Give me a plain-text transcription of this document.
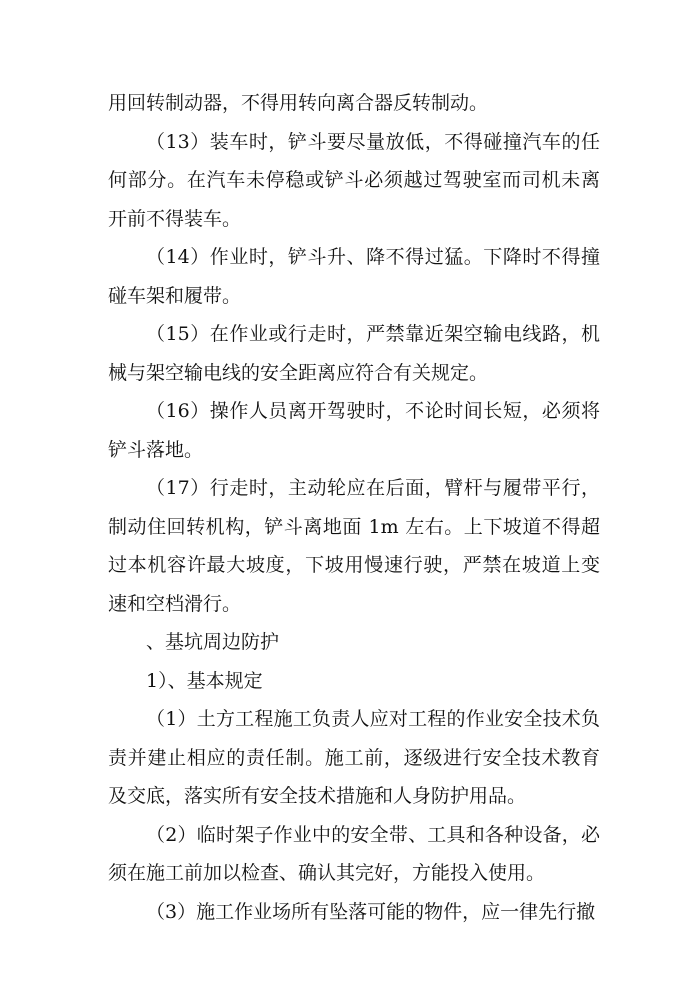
用回转制动器，不得用转向离合器反转制动。

（13）装车时，铲斗要尽量放低，不得碰撞汽车的任何部分。在汽车未停稳或铲斗必须越过驾驶室而司机未离开前不得装车。

（14）作业时，铲斗升、降不得过猛。下降时不得撞碰车架和履带。

（15）在作业或行走时，严禁靠近架空输电线路，机械与架空输电线的安全距离应符合有关规定。

（16）操作人员离开驾驶时，不论时间长短，必须将铲斗落地。

（17）行走时，主动轮应在后面，臂杆与履带平行，制动住回转机构，铲斗离地面 1m 左右。上下坡道不得超过本机容许最大坡度，下坡用慢速行驶，严禁在坡道上变速和空档滑行。

、基坑周边防护

1）、基本规定

（1）土方工程施工负责人应对工程的作业安全技术负责并建止相应的责任制。施工前，逐级进行安全技术教育及交底，落实所有安全技术措施和人身防护用品。

（2）临时架子作业中的安全带、工具和各种设备，必须在施工前加以检查、确认其完好，方能投入使用。

（3）施工作业场所有坠落可能的物件，应一律先行撤
